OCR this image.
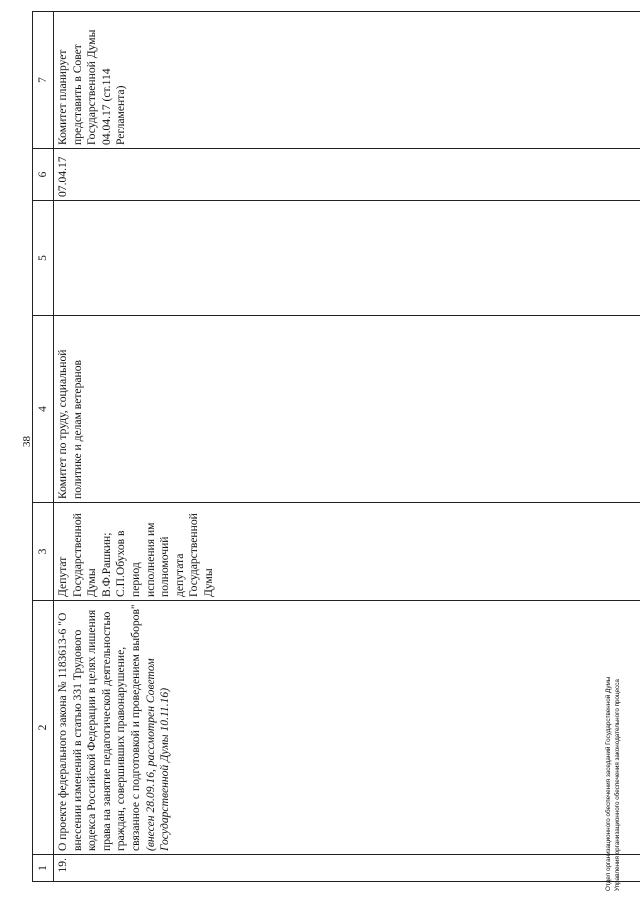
38
1	2	3	4	5	6	7
19.	О проекте федерального закона № 1183613-6 "О внесении изменений в статью 331 Трудового кодекса Российской Федерации в целях лишения права на занятие педагогической деятельностью граждан, совершивших правонарушение, связанное с подготовкой и проведением выборов" (внесен 28.09.16, рассмотрен Советом Государственной Думы 10.11.16)	Депутат Государственной Думы В.Ф.Рашкин; С.П.Обухов в период исполнения им полномочий депутата Государственной Думы	Комитет по труду, социальной политике и делам ветеранов		07.04.17	Комитет планирует представить в Совет Государственной Думы 04.04.17 (ст.114 Регламента)
Отдел организационного обеспечения заседаний Государственной Думы Управления организационного обеспечения законодательного процесса
